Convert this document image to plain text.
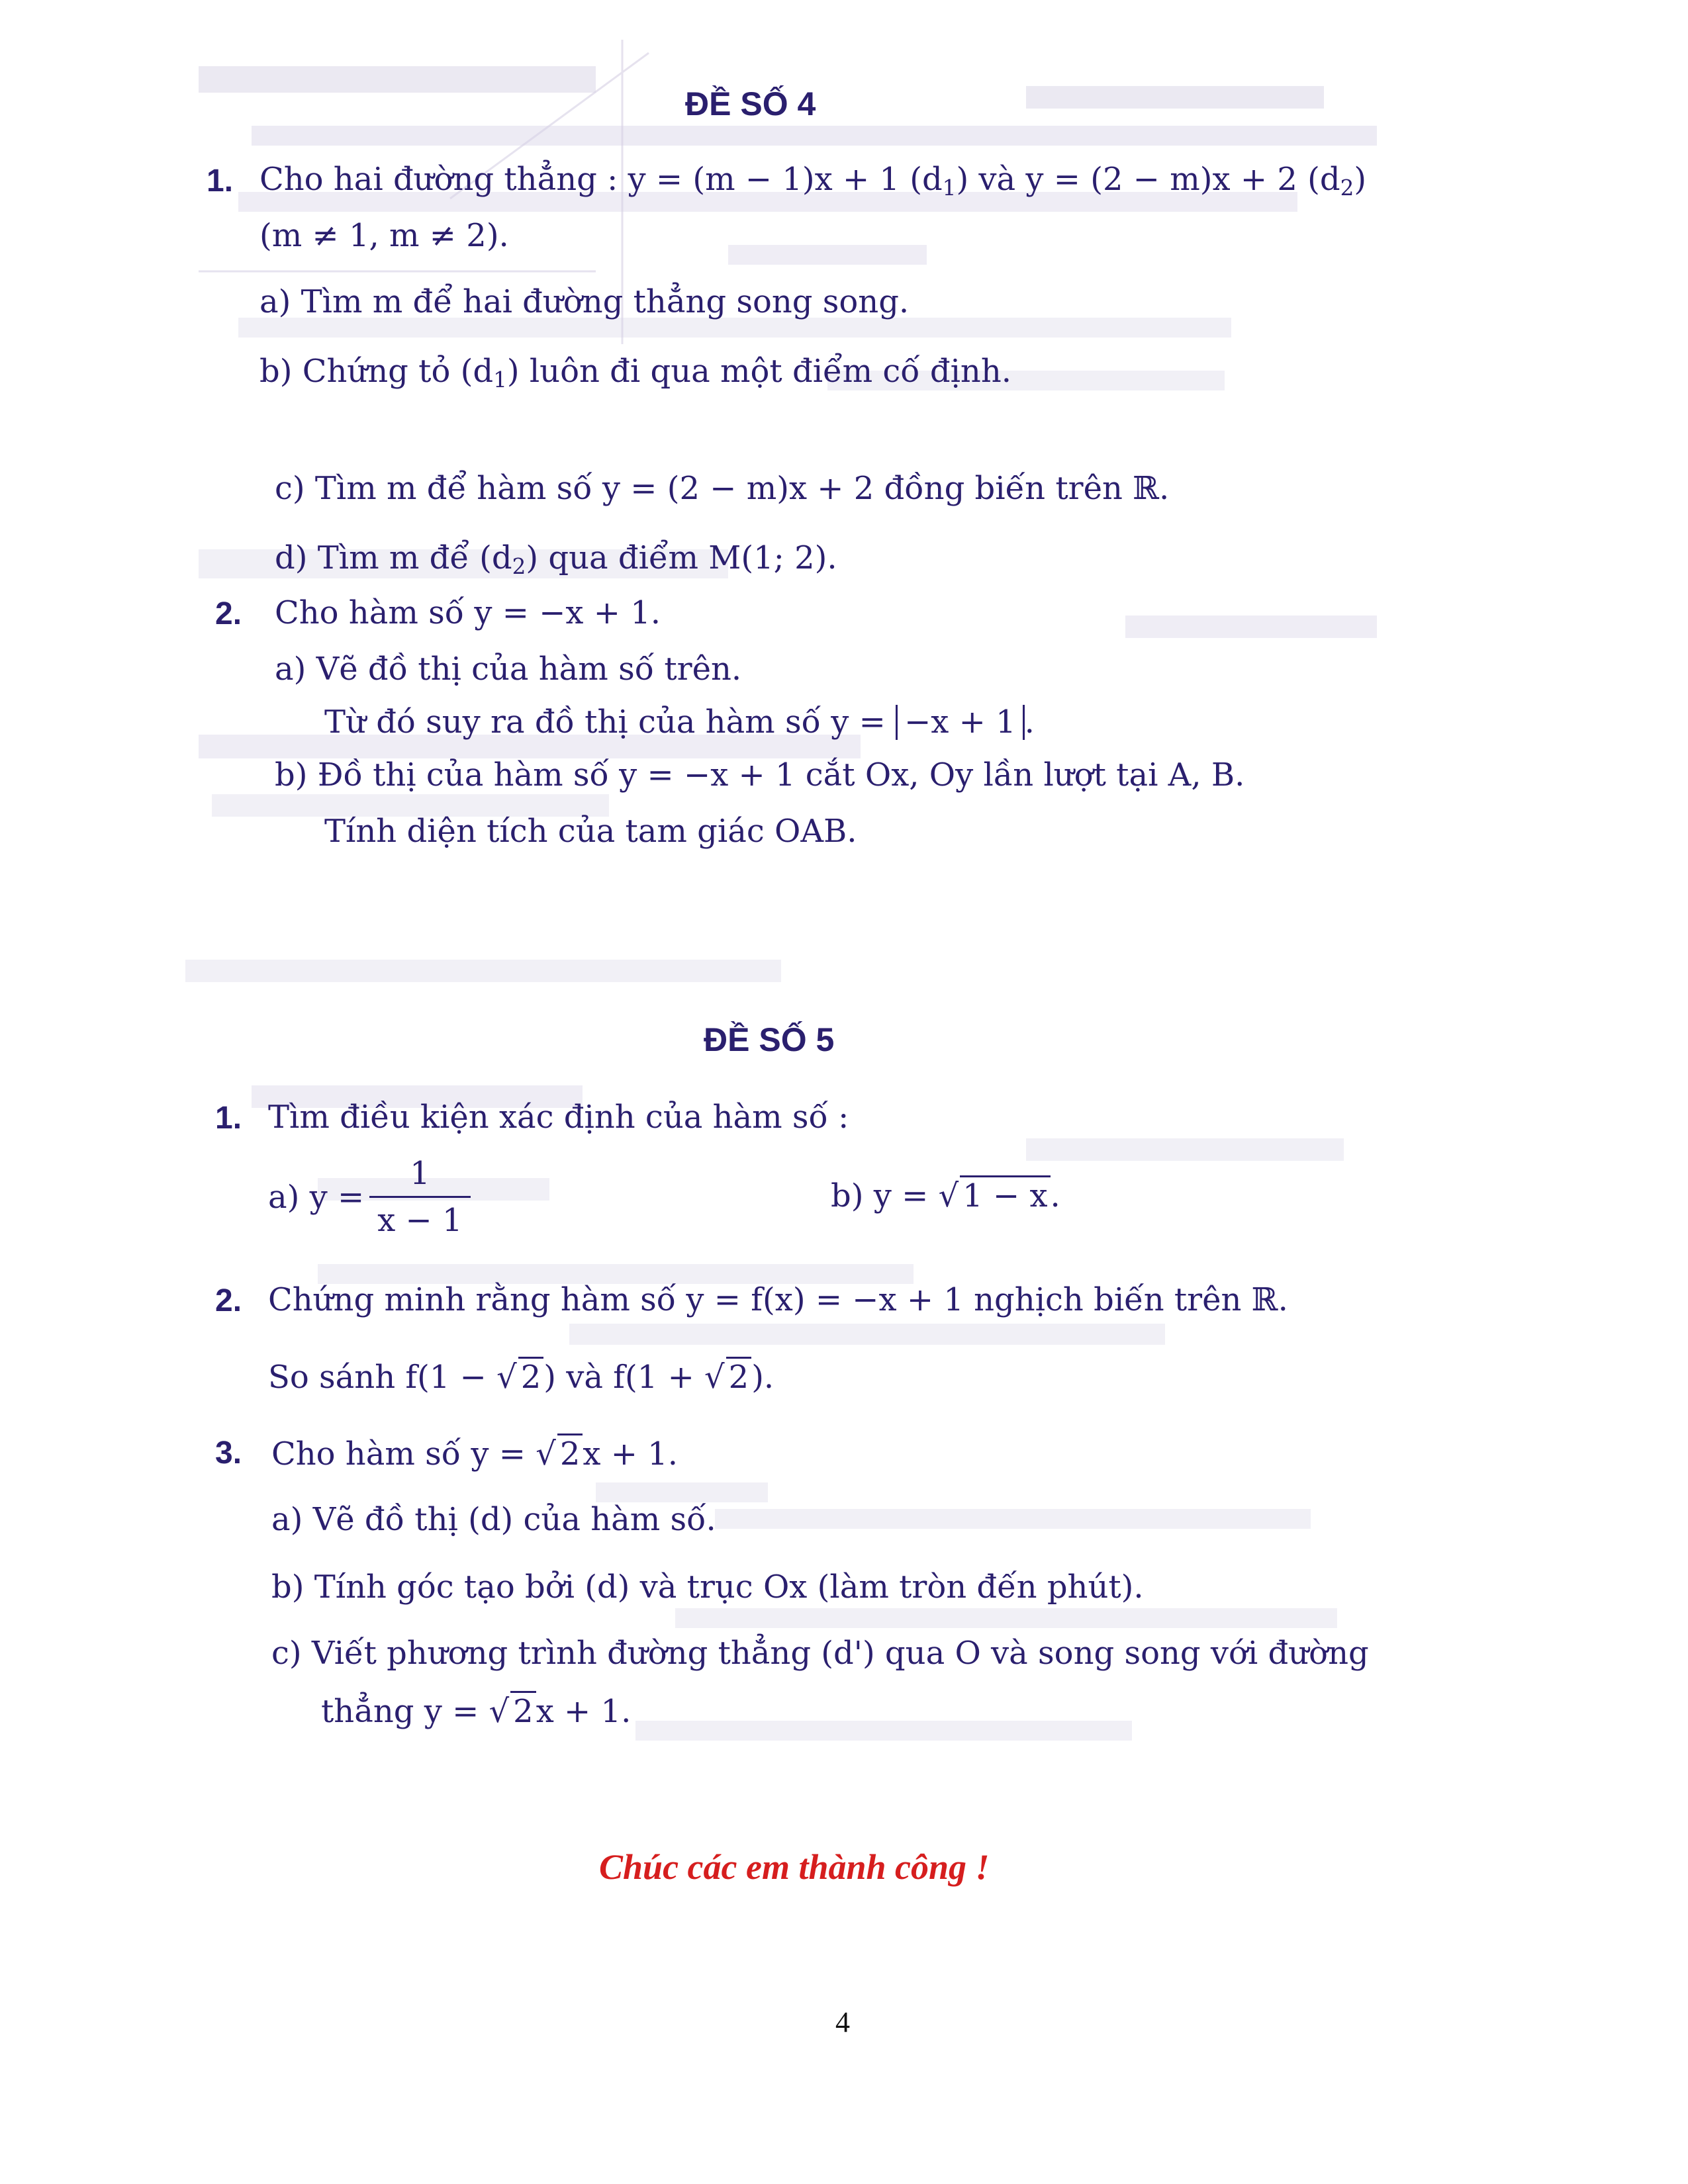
ĐỀ SỐ 4
1. Cho hai đường thẳng : y = (m − 1)x + 1 $(d_1)$ và y = (2 − m)x + 2 $(d_2)$
(m ≠ 1, m ≠ 2).
a) Tìm m để hai đường thẳng song song.
b) Chứng tỏ $(d_1)$ luôn đi qua một điểm cố định.
c) Tìm m để hàm số y = (2 − m)x + 2 đồng biến trên ℝ.
d) Tìm m để $(d_2)$ qua điểm M(1; 2).
2. Cho hàm số y = −x + 1.
a) Vẽ đồ thị của hàm số trên.
Từ đó suy ra đồ thị của hàm số y = −x + 1 .
b) Đồ thị của hàm số y = −x + 1 cắt Ox, Oy lần lượt tại A, B.
Tính diện tích của tam giác OAB.
ĐỀ SỐ 5
1. Tìm điều kiện xác định của hàm số :
a) $y = \frac{1}{x - 1}$	b) y = √ 1 − x.
2. Chứng minh rằng hàm số y = f(x) = −x + 1 nghịch biến trên ℝ.
So sánh f(1 − √ 2) và f(1 + √ 2).
3. Cho hàm số y = √ 2x + 1.
a) Vẽ đồ thị (d) của hàm số.
b) Tính góc tạo bởi (d) và trục Ox (làm tròn đến phút).
c) Viết phương trình đường thẳng (d') qua O và song song với đường
thẳng y = √ 2x + 1.
Chúc các em thành công !
4
